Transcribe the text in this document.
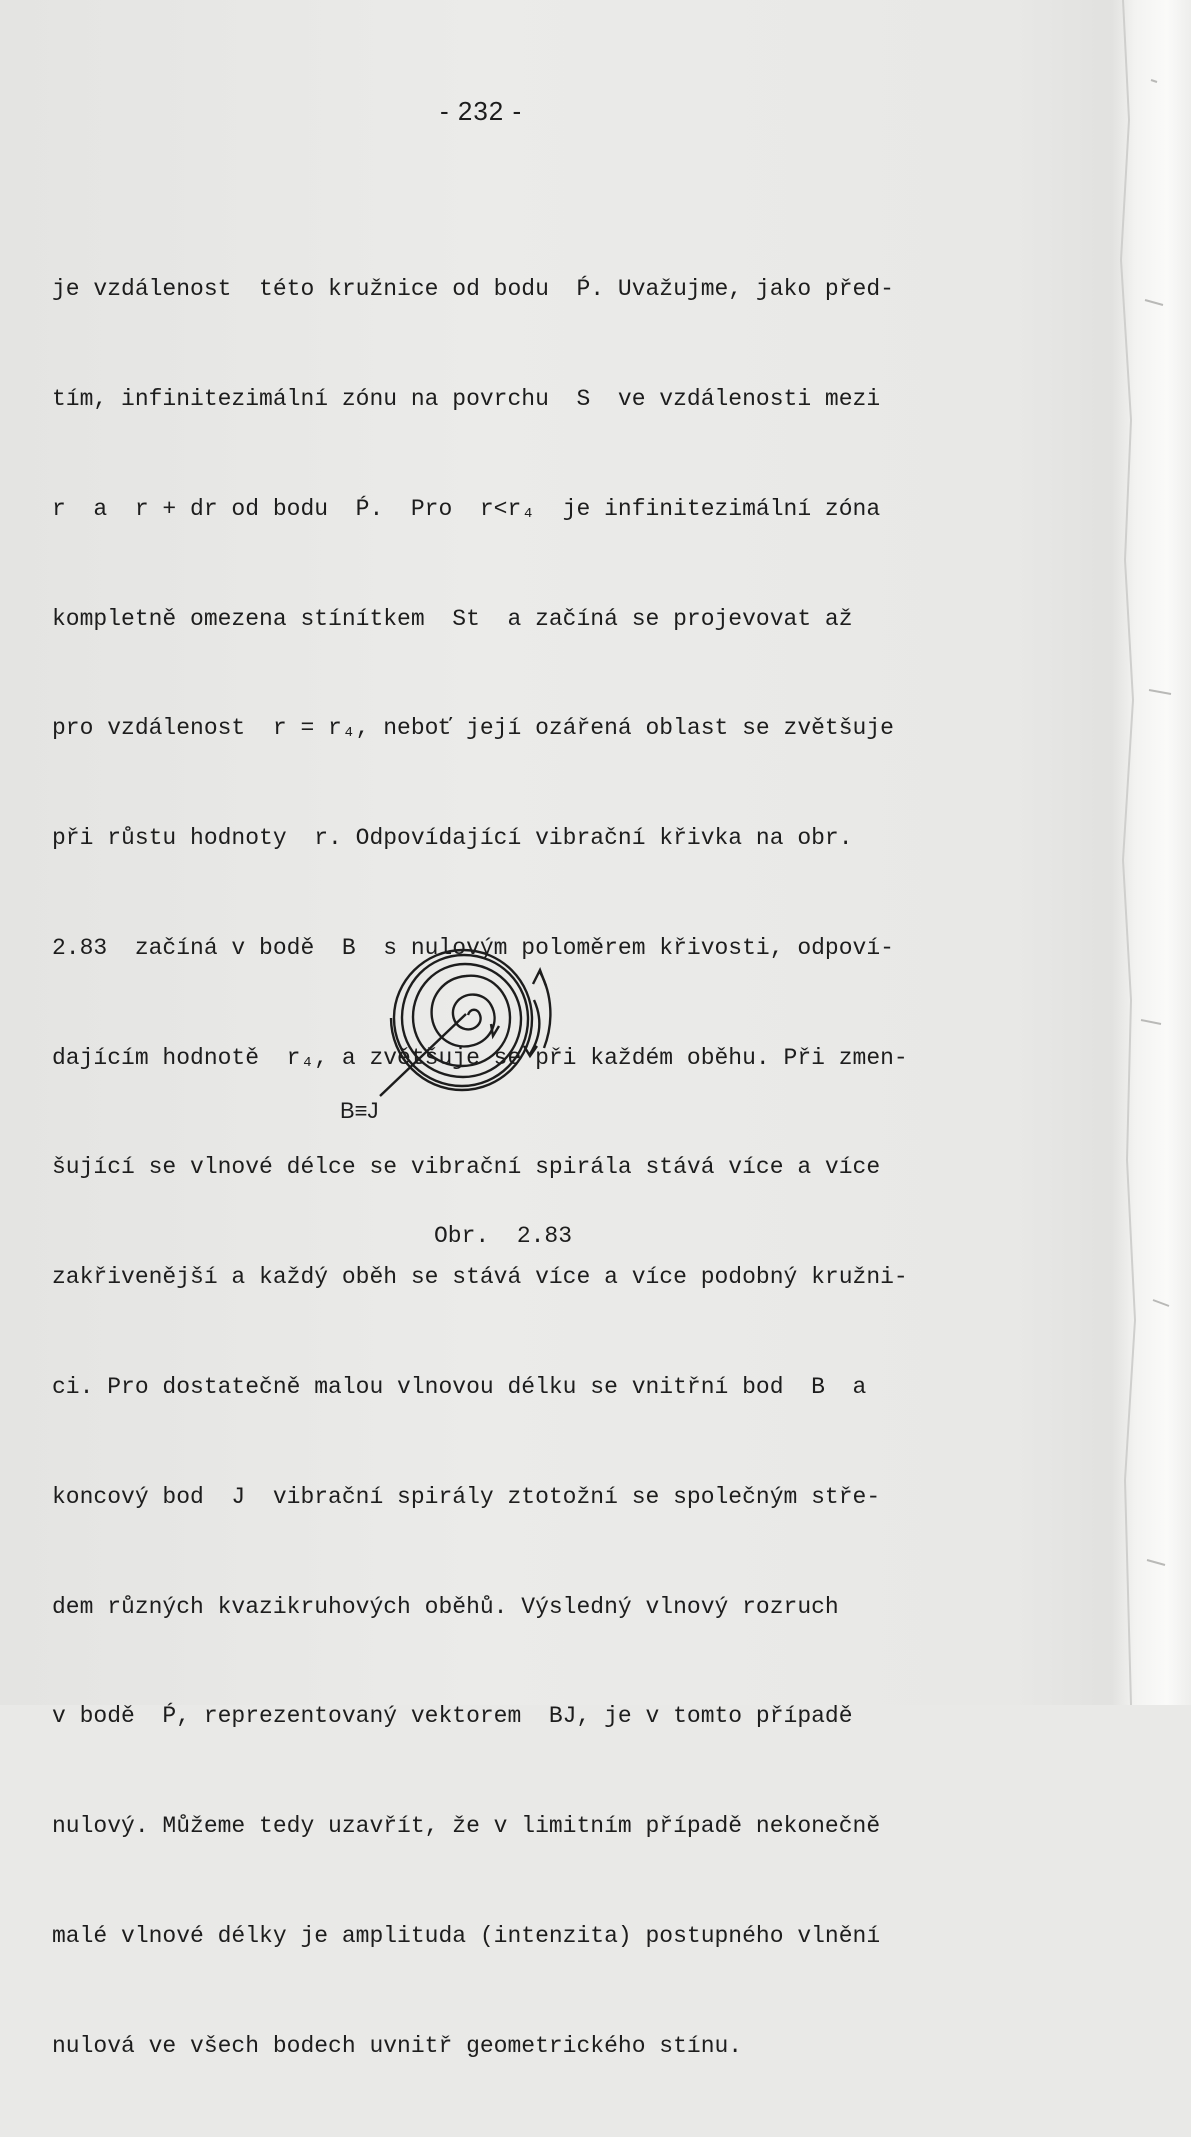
- 232 -

je vzdálenost  této kružnice od bodu  Ṕ. Uvažujme, jako před-

tím, infinitezimální zónu na povrchu  S  ve vzdálenosti mezi

r  a  r + dr od bodu  Ṕ.  Pro  r<r₄  je infinitezimální zóna

kompletně omezena stínítkem  St  a začíná se projevovat až

pro vzdálenost  r = r₄, neboť její ozářená oblast se zvětšuje

při růstu hodnoty  r. Odpovídající vibrační křivka na obr.

2.83  začíná v bodě  B  s nulovým poloměrem křivosti, odpoví-

dajícím hodnotě  r₄, a zvětšuje se při každém oběhu. Při zmen-

šující se vlnové délce se vibrační spirála stává více a více

zakřivenější a každý oběh se stává více a více podobný kružni-

ci. Pro dostatečně malou vlnovou délku se vnitřní bod  B  a

koncový bod  J  vibrační spirály ztotožní se společným stře-

dem různých kvazikruhových oběhů. Výsledný vlnový rozruch

v bodě  Ṕ, reprezentovaný vektorem  BJ, je v tomto případě

nulový. Můžeme tedy uzavřít, že v limitním případě nekonečně

malé vlnové délky je amplituda (intenzita) postupného vlnění

nulová ve všech bodech uvnitř geometrického stínu.

B≡J
Obr.  2.83
